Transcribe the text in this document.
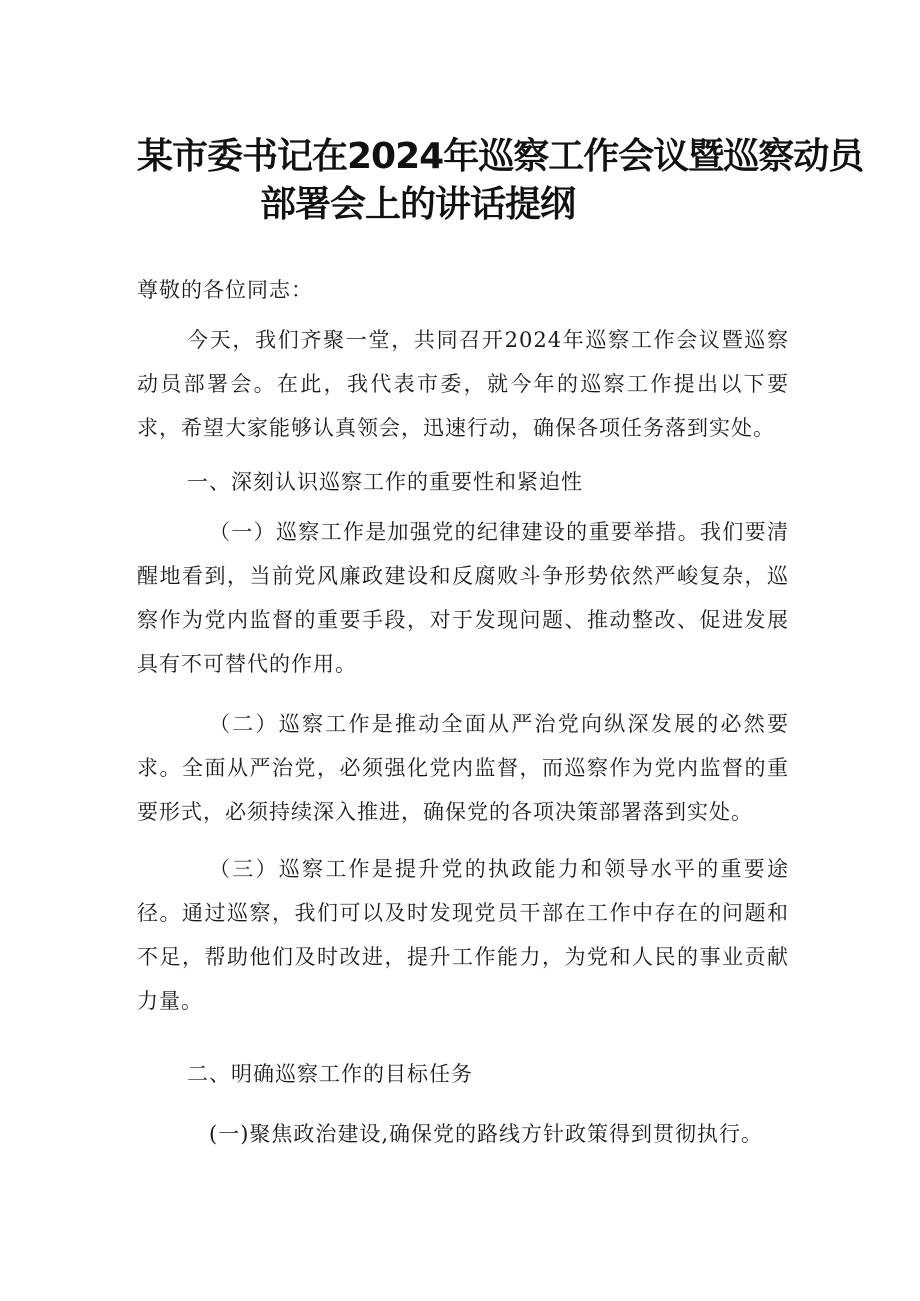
某市委书记在2024年巡察工作会议暨巡察动员
部署会上的讲话提纲

尊敬的各位同志：

今天，我们齐聚一堂，共同召开2024年巡察工作会议暨巡察动员部署会。在此，我代表市委，就今年的巡察工作提出以下要求，希望大家能够认真领会，迅速行动，确保各项任务落到实处。

一、深刻认识巡察工作的重要性和紧迫性

（一）巡察工作是加强党的纪律建设的重要举措。我们要清醒地看到，当前党风廉政建设和反腐败斗争形势依然严峻复杂，巡察作为党内监督的重要手段，对于发现问题、推动整改、促进发展具有不可替代的作用。

（二）巡察工作是推动全面从严治党向纵深发展的必然要求。全面从严治党，必须强化党内监督，而巡察作为党内监督的重要形式，必须持续深入推进，确保党的各项决策部署落到实处。

（三）巡察工作是提升党的执政能力和领导水平的重要途径。通过巡察，我们可以及时发现党员干部在工作中存在的问题和不足，帮助他们及时改进，提升工作能力，为党和人民的事业贡献力量。

二、明确巡察工作的目标任务

(一)聚焦政治建设,确保党的路线方针政策得到贯彻执行。
